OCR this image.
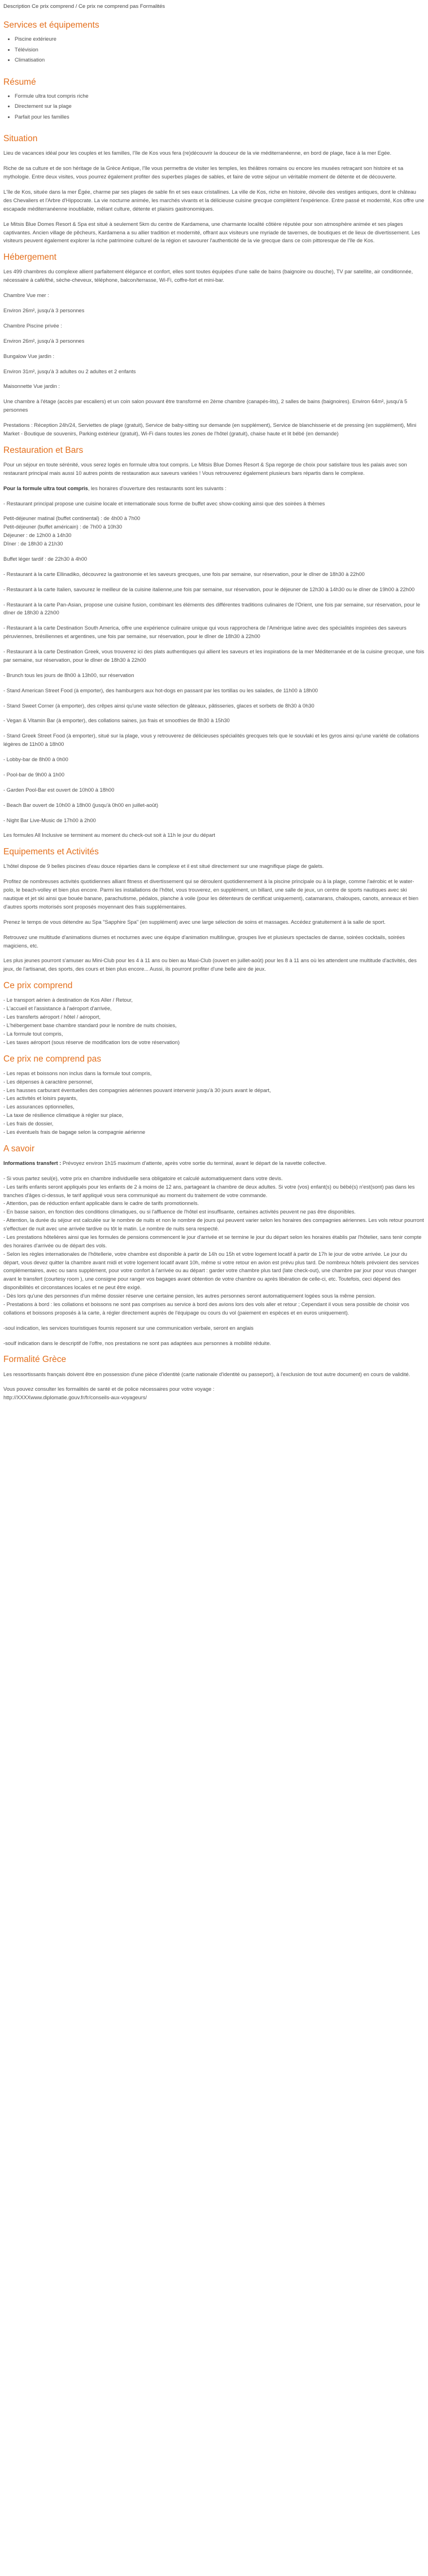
Description Ce prix comprend / Ce prix ne comprend pas Formalités
Services et équipements
• Piscine extérieure
• Télévision
• Climatisation
Résumé
• Formule ultra tout compris riche
• Directement sur la plage
• Parfait pour les familles
Situation

Lieu de vacances idéal pour les couples et les familles, l'île de Kos vous fera (re)découvrir la douceur de la vie méditerranéenne, en bord de plage, face à la mer Egée.

Riche de sa culture et de son héritage de la Grèce Antique, l'île vous permettra de visiter les temples, les théâtres romains ou encore les musées retraçant son histoire et sa mythologie. Entre deux visites, vous pourrez également profiter des superbes plages de sables, et faire de votre séjour un véritable moment de détente et de découverte.

L'île de Kos, située dans la mer Égée, charme par ses plages de sable fin et ses eaux cristallines. La ville de Kos, riche en histoire, dévoile des vestiges antiques, dont le château des Chevaliers et l'Arbre d'Hippocrate. La vie nocturne animée, les marchés vivants et la délicieuse cuisine grecque complètent l'expérience. Entre passé et modernité, Kos offre une escapade méditerranéenne inoubliable, mêlant culture, détente et plaisirs gastronomiques.

Le Mitsis Blue Domes Resort & Spa est situé à seulement 5km du centre de Kardamena, une charmante localité côtière réputée pour son atmosphère animée et ses plages captivantes. Ancien village de pêcheurs, Kardamena a su allier tradition et modernité, offrant aux visiteurs une myriade de tavernes, de boutiques et de lieux de divertissement. Les visiteurs peuvent également explorer la riche patrimoine culturel de la région et savourer l'authenticité de la vie grecque dans ce coin pittoresque de l'île de Kos.

Hébergement

Les 499 chambres du complexe allient parfaitement élégance et confort, elles sont toutes équipées d'une salle de bains (baignoire ou douche), TV par satellite, air conditionnée, nécessaire à café/thé, sèche-cheveux, téléphone, balcon/terrasse, Wi-Fi, coffre-fort et mini-bar.

Chambre Vue mer :

Environ 26m², jusqu'à 3 personnes

Chambre Piscine privée :

Environ 26m², jusqu'à 3 personnes

Bungalow Vue jardin :

Environ 31m², jusqu'à 3 adultes ou 2 adultes et 2 enfants

Maisonnette Vue jardin :

Une chambre à l'étage (accès par escaliers) et un coin salon pouvant être transformé en 2ème chambre (canapés-lits), 2 salles de bains (baignoires). Environ 64m², jusqu'à 5 personnes

Prestations : Réception 24h/24, Serviettes de plage (gratuit), Service de baby-sitting sur demande (en supplément), Service de blanchisserie et de pressing (en supplément), Mini Market - Boutique de souvenirs, Parking extérieur (gratuit), Wi-Fi dans toutes les zones de l'hôtel (gratuit), chaise haute et lit bébé (en demande)

Restauration et Bars

Pour un séjour en toute sérénité, vous serez logés en formule ultra tout compris. Le Mitsis Blue Domes Resort & Spa regorge de choix pour satisfaire tous les palais avec son restaurant principal mais aussi 10 autres points de restauration aux saveurs variées ! Vous retrouverez également plusieurs bars répartis dans le complexe.

Pour la formule ultra tout compris, les horaires d'ouverture des restaurants sont les suivants :

- Restaurant principal propose une cuisine locale et internationale sous forme de buffet avec show-cooking ainsi que des soirées à thèmes

Petit-déjeuner matinal (buffet continental) : de 4h00 à 7h00
Petit-déjeuner (buffet américain) : de 7h00 à 10h30
Déjeuner : de 12h00 à 14h30
Dîner : de 18h30 à 21h30

Buffet léger tardif : de 22h30 à 4h00

- Restaurant à la carte Ellinadiko, découvrez la gastronomie et les saveurs grecques, une fois par semaine, sur réservation, pour le dîner de 18h30 à 22h00

- Restaurant à la carte Italien, savourez le meilleur de la cuisine italienne,une fois par semaine, sur réservation, pour le déjeuner de 12h30 à 14h30 ou le dîner de 19h00 à 22h00

- Restaurant à la carte Pan-Asian, propose une cuisine fusion, combinant les éléments des différentes traditions culinaires de l'Orient, une fois par semaine, sur réservation, pour le dîner de 18h30 à 22h00

- Restaurant à la carte Destination South America, offre une expérience culinaire unique qui vous rapprochera de l'Amérique latine avec des spécialités inspirées des saveurs péruviennes, brésiliennes et argentines, une fois par semaine, sur réservation, pour le dîner de 18h30 à 22h00

- Restaurant à la carte Destination Greek, vous trouverez ici des plats authentiques qui allient les saveurs et les inspirations de la mer Méditerranée et de la cuisine grecque, une fois par semaine, sur réservation, pour le dîner de 18h30 à 22h00

- Brunch tous les jours de 8h00 à 13h00, sur réservation

- Stand American Street Food (à emporter), des hamburgers aux hot-dogs en passant par les tortillas ou les salades, de 11h00 à 18h00

- Stand Sweet Corner (à emporter), des crêpes ainsi qu'une vaste sélection de gâteaux, pâtisseries, glaces et sorbets de 8h30 à 0h30

- Vegan & Vitamin Bar (à emporter), des collations saines, jus frais et smoothies de 8h30 à 15h30

- Stand Greek Street Food (à emporter), situé sur la plage, vous y retrouverez de délicieuses spécialités grecques tels que le souvlaki et les gyros ainsi qu'une variété de collations légères de 11h00 à 18h00

- Lobby-bar de 8h00 à 0h00

- Pool-bar de 9h00 à 1h00

- Garden Pool-Bar est ouvert de 10h00 à 18h00

- Beach Bar ouvert de 10h00 à 18h00 (jusqu'à 0h00 en juillet-août)

- Night Bar Live-Music de 17h00 à 2h00

Les formules All Inclusive se terminent au moment du check-out soit à 11h le jour du départ

Equipements et Activités

L'hôtel dispose de 9 belles piscines d'eau douce réparties dans le complexe et il est situé directement sur une magnifique plage de galets.

Profitez de nombreuses activités quotidiennes alliant fitness et divertissement qui se déroulent quotidiennement à la piscine principale ou à la plage, comme l'aérobic et le water-polo, le beach-volley et bien plus encore. Parmi les installations de l'hôtel, vous trouverez, en supplément, un billard, une salle de jeux, un centre de sports nautiques avec ski nautique et jet ski ainsi que bouée banane, parachutisme, pédalos, planche à voile (pour les détenteurs de certificat uniquement), catamarans, chaloupes, canots, anneaux et bien d'autres sports motorisés sont proposés moyennant des frais supplémentaires.

Prenez le temps de vous détendre au Spa "Sapphire Spa" (en supplément) avec une large sélection de soins et massages. Accédez gratuitement à la salle de sport.

Retrouvez une multitude d'animations diurnes et nocturnes avec une équipe d'animation multilingue, groupes live et plusieurs spectacles de danse, soirées cocktails, soirées magiciens, etc.

Les plus jeunes pourront s'amuser au Mini-Club pour les 4 à 11 ans ou bien au Maxi-Club (ouvert en juillet-août) pour les 8 à 11 ans où les attendent une multitude d'activités, des jeux, de l'artisanat, des sports, des cours et bien plus encore... Aussi, ils pourront profiter d'une belle aire de jeux.

Ce prix comprend

- Le transport aérien à destination de Kos Aller / Retour,
- L'accueil et l'assistance à l'aéroport d'arrivée,
- Les transferts aéroport / hôtel / aéroport,
- L'hébergement base chambre standard pour le nombre de nuits choisies,
- La formule tout compris,
- Les taxes aéroport (sous réserve de modification lors de votre réservation)

Ce prix ne comprend pas

- Les repas et boissons non inclus dans la formule tout compris,
- Les dépenses à caractère personnel,
- Les hausses carburant éventuelles des compagnies aériennes pouvant intervenir jusqu'à 30 jours avant le départ,
- Les activités et loisirs payants,
- Les assurances optionnelles,
- La taxe de résilience climatique à régler sur place,
- Les frais de dossier,
- Les éventuels frais de bagage selon la compagnie aérienne

A savoir

Informations transfert : Prévoyez environ 1h15 maximum d'attente, après votre sortie du terminal, avant le départ de la navette collective.

- Si vous partez seul(e), votre prix en chambre individuelle sera obligatoire et calculé automatiquement dans votre devis.
- Les tarifs enfants seront appliqués pour les enfants de 2 à moins de 12 ans, partageant la chambre de deux adultes. Si votre (vos) enfant(s) ou bébé(s) n'est(sont) pas dans les tranches d'âges ci-dessus, le tarif appliqué vous sera communiqué au moment du traitement de votre commande.
- Attention, pas de réduction enfant applicable dans le cadre de tarifs promotionnels.
- En basse saison, en fonction des conditions climatiques, ou si l'affluence de l'hôtel est insuffisante, certaines activités peuvent ne pas être disponibles.
- Attention, la durée du séjour est calculée sur le nombre de nuits et non le nombre de jours qui peuvent varier selon les horaires des compagnies aériennes. Les vols retour pourront s'effectuer de nuit avec une arrivée tardive ou tôt le matin. Le nombre de nuits sera respecté.
- Les prestations hôtelières ainsi que les formules de pensions commencent le jour d'arrivée et se termine le jour du départ selon les horaires établis par l'hôtelier, sans tenir compte des horaires d'arrivée ou de départ des vols.
- Selon les règles internationales de l'hôtellerie, votre chambre est disponible à partir de 14h ou 15h et votre logement locatif à partir de 17h le jour de votre arrivée. Le jour du départ, vous devez quitter la chambre avant midi et votre logement locatif avant 10h, même si votre retour en avion est prévu plus tard. De nombreux hôtels prévoient des services complémentaires, avec ou sans supplément, pour votre confort à l'arrivée ou au départ : garder votre chambre plus tard (late check-out), une chambre par jour pour vous changer avant le transfert (courtesy room ), une consigne pour ranger vos bagages avant obtention de votre chambre ou après libération de celle-ci, etc. Toutefois, ceci dépend des disponibilités et circonstances locales et ne peut être exigé.
- Dès lors qu'une des personnes d'un même dossier réserve une certaine pension, les autres personnes seront automatiquement logées sous la même pension.
- Prestations à bord : les collations et boissons ne sont pas comprises au service à bord des avions lors des vols aller et retour ; Cependant il vous sera possible de choisir vos collations et boissons proposés à la carte, à régler directement auprès de l'équipage ou cours du vol (paiement en espèces et en euros uniquement).

-soul indication, les services touristiques fournis reposent sur une communication verbale, seront en anglais

-soulf indication dans le descriptif de l'offre, nos prestations ne sont pas adaptées aux personnes à mobilité réduite.

Formalité Grèce

Les ressortissants français doivent être en possession d'une pièce d'identité (carte nationale d'identité ou passeport), à l'exclusion de tout autre document) en cours de validité.

Vous pouvez consulter les formalités de santé et de police nécessaires pour votre voyage :
http://XXXXwww.diplomatie.gouv.fr/fr/conseils-aux-voyageurs/
